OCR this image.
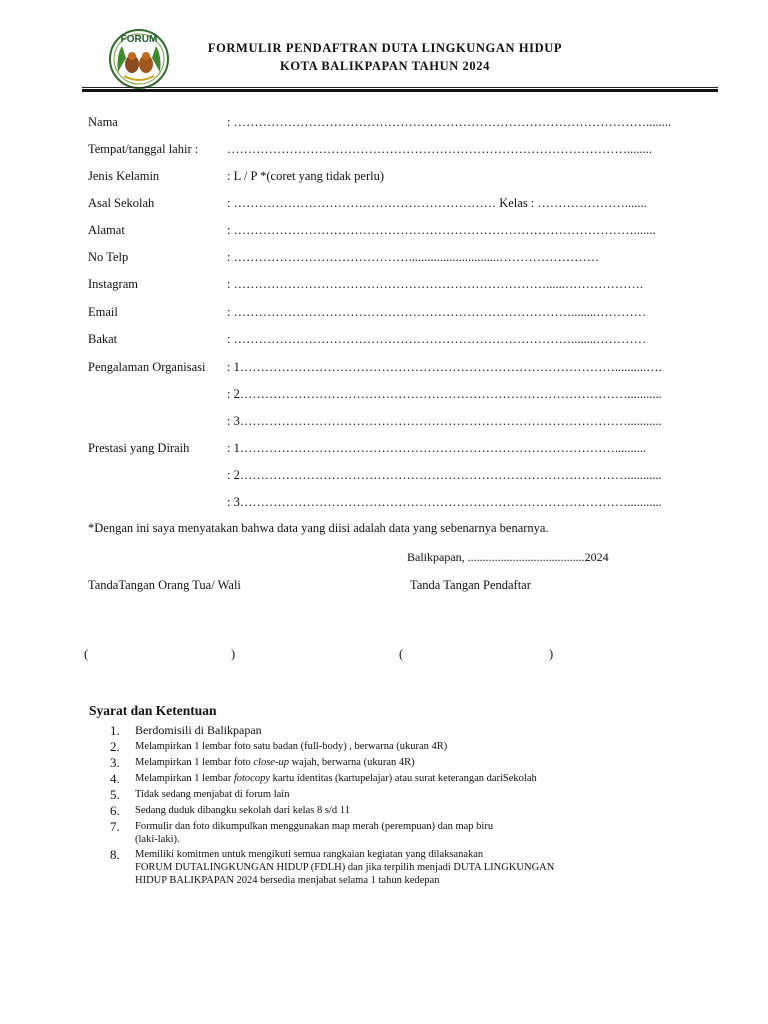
FORUM
FORMULIR PENDAFTRAN DUTA LINGKUNGAN HIDUP
KOTA BALIKPAPAN TAHUN 2024
Nama	: ………………………………………………………………………………………........
Tempat/tanggal lahir : ……………………………………………………………………………………........
Jenis Kelamin	: L / P *(coret yang tidak perlu)
Asal Sekolah	: ……………………………………………………… Kelas : ………………….......
Alamat	: …………………………………………………………………………………….......
No Telp	: …………………………………….............................……………………
Instagram	: …………………………………………………………………......……………….
Email	: ………………………………………………………………………........…………
Bakat	: ………………………………………………………………………........…………
Pengalaman Organisasi : 1………………………………………………………………………………..........….
: 2…………………………………………………………………………………...........
: 3…………………………………………………………………………………...........
Prestasi yang Diraih	: 1………………………………………………………………………………..........
: 2…………………………………………………………………………………...........
: 3…………………………………………………………………………………...........
*Dengan ini saya menyatakan bahwa data yang diisi adalah data yang sebenarnya benarnya.
Balikpapan, .......................................2024
TandaTangan Orang Tua/ Wali	Tanda Tangan Pendaftar
(	)	(	)
Syarat dan Ketentuan
1.	Berdomisili di Balikpapan
2.	Melampirkan 1 lembar foto satu badan (full-body) , berwarna (ukuran 4R)
3.	Melampirkan 1 lembar foto close-up wajah, berwarna (ukuran 4R)
4.	Melampirkan 1 lembar fotocopy kartu identitas (kartupelajar) atau surat keterangan dariSekolah
5.	Tidak sedang menjabat di forum lain
6.	Sedang duduk dibangku sekolah dari kelas 8 s/d 11
7.	Formulir dan foto dikumpulkan menggunakan map merah (perempuan) dan map biru
(laki-laki).
8.	Memiliki komitmen untuk mengikuti semua rangkaian kegiatan yang dilaksanakan
FORUM DUTALINGKUNGAN HIDUP (FDLH) dan jika terpilih menjadi DUTA LINGKUNGAN
HIDUP BALIKPAPAN 2024 bersedia menjabat selama 1 tahun kedepan
